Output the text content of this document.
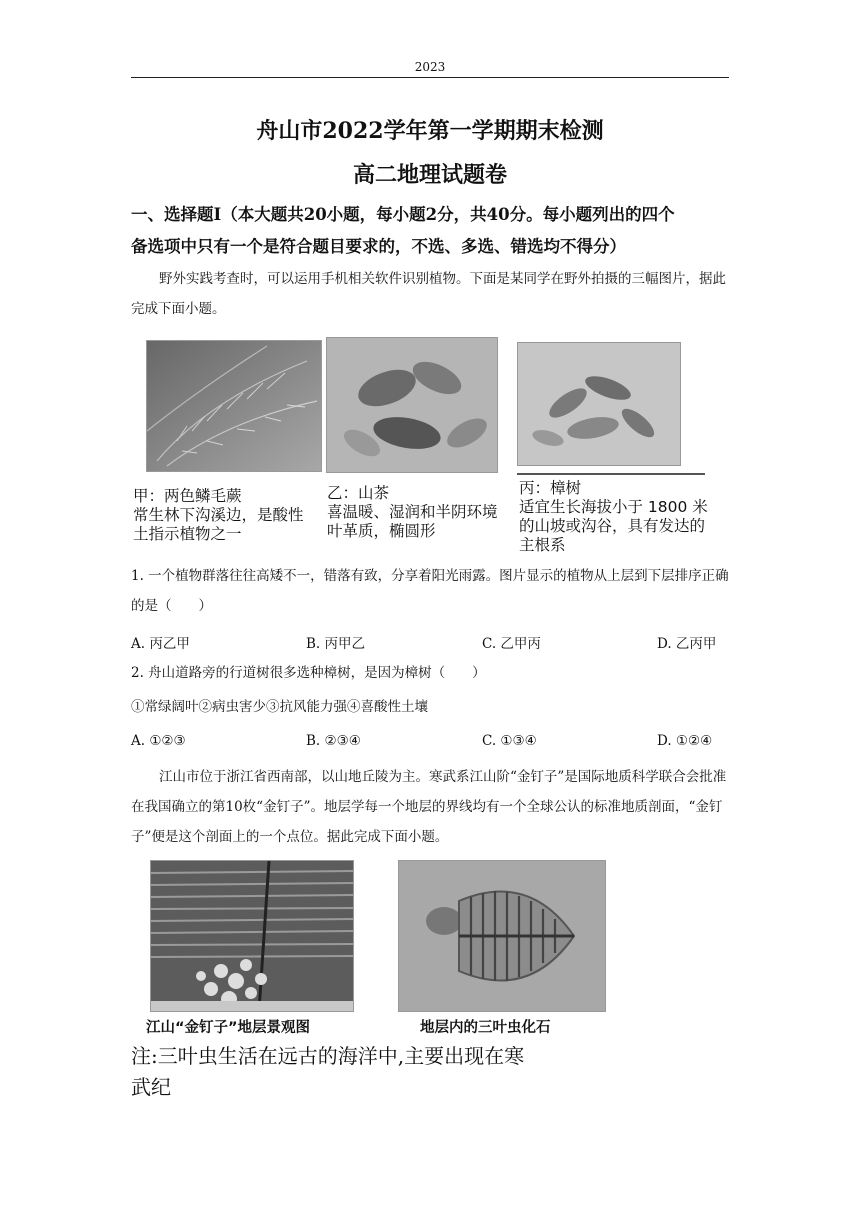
2023
舟山市2022学年第一学期期末检测
高二地理试题卷
一、选择题Ⅰ（本大题共20小题，每小题2分，共40分。每小题列出的四个
备选项中只有一个是符合题目要求的，不选、多选、错选均不得分）
野外实践考查时，可以运用手机相关软件识别植物。下面是某同学在野外拍摄的三幅图片，据此完成下面小题。
甲：两色鳞毛蕨
常生林下沟溪边，是酸性
土指示植物之一
乙：山茶
喜温暖、湿润和半阴环境
叶革质，椭圆形
丙：樟树
适宜生长海拔小于 1800 米
的山坡或沟谷，具有发达的
主根系
1. 一个植物群落往往高矮不一，错落有致，分享着阳光雨露。图片显示的植物从上层到下层排序正确的是（　　）
A. 丙乙甲	B. 丙甲乙	C. 乙甲丙	D. 乙丙甲
2. 舟山道路旁的行道树很多选种樟树，是因为樟树（　　）
①常绿阔叶②病虫害少③抗风能力强④喜酸性土壤
A. ①②③	B. ②③④	C. ①③④	D. ①②④
江山市位于浙江省西南部，以山地丘陵为主。寒武系江山阶“金钉子”是国际地质科学联合会批准在我国确立的第10枚“金钉子”。地层学每一个地层的界线均有一个全球公认的标准地质剖面，“金钉子”便是这个剖面上的一个点位。据此完成下面小题。
江山“金钉子”地层景观图	地层内的三叶虫化石
注:三叶虫生活在远古的海洋中,主要出现在寒
武纪
